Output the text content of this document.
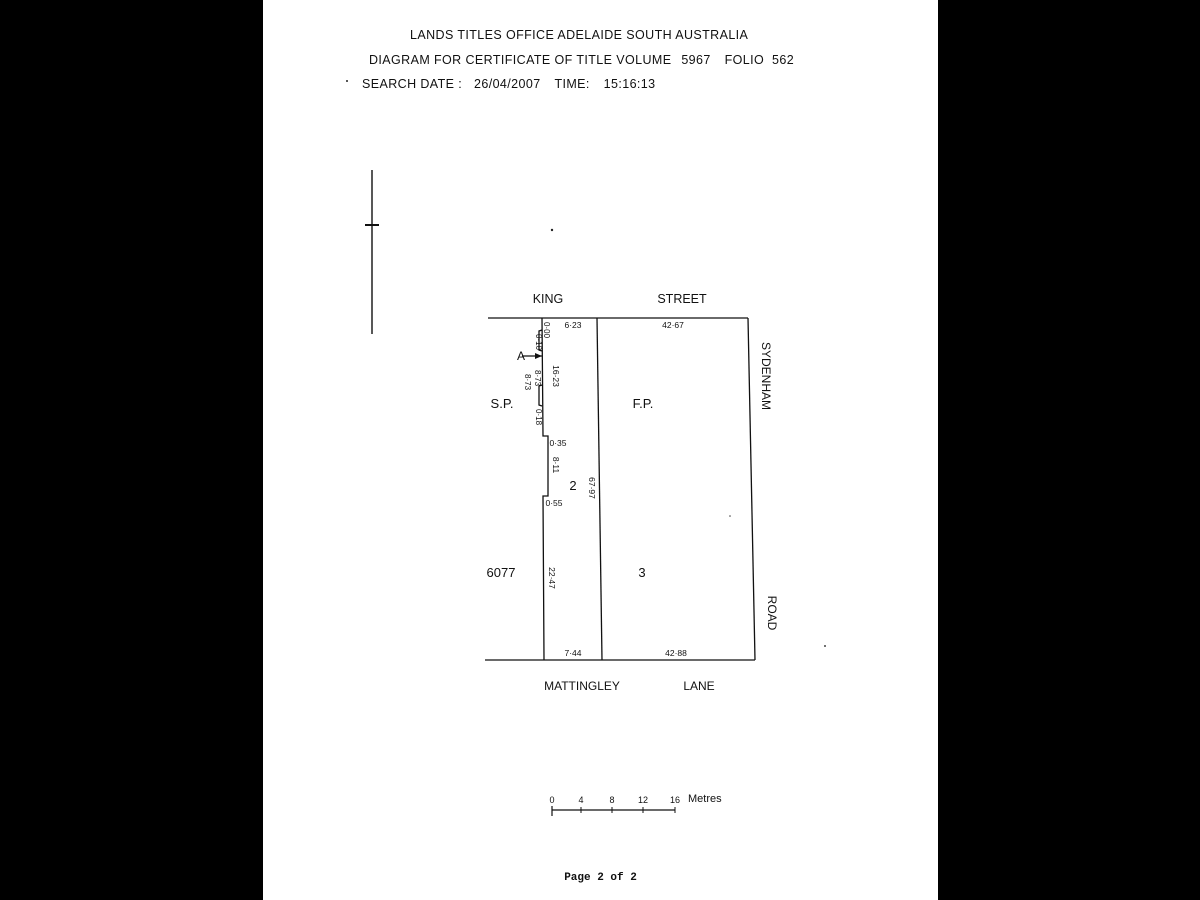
LANDS TITLES OFFICE ADELAIDE SOUTH AUSTRALIA
DIAGRAM FOR CERTIFICATE OF TITLE VOLUME 5967 FOLIO 562
SEARCH DATE : 26/04/2007 TIME: 15:16:13
KING	STREET
SYDENHAM
ROAD
MATTINGLEY	LANE
S.P.	F.P.
2
3
6077
A
6·23	42·67
7·44	42·88
0·35
0·55
0·10
0·00
16·23
8·73 8·73
0·18
8·11
67·97
22·47
0	4	8	12 16 Metres
Page 2 of 2
